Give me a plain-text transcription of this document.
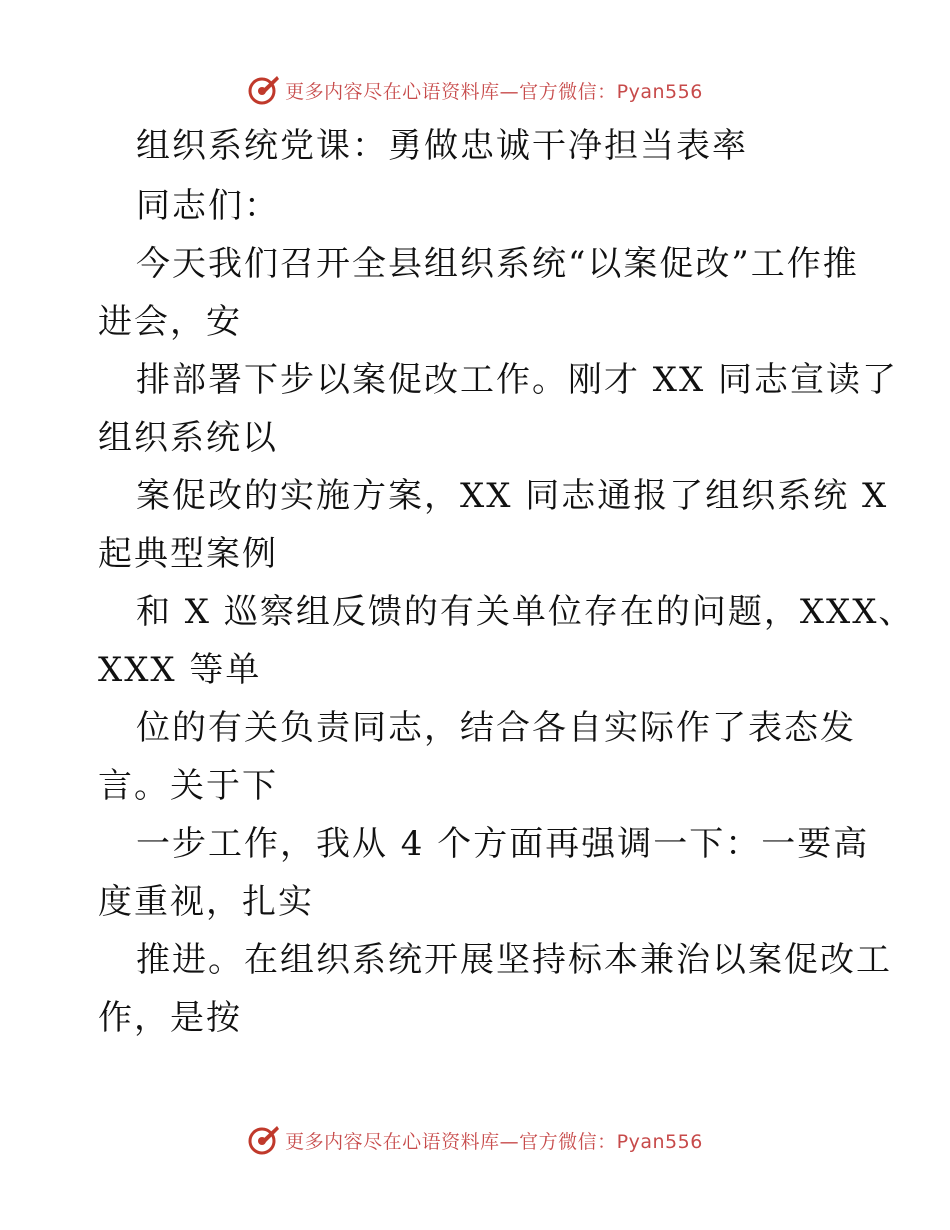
更多内容尽在心语资料库—官方微信：Pyan556
组织系统党课：勇做忠诚干净担当表率
同志们：
今天我们召开全县组织系统“以案促改”工作推
进会，安
排部署下步以案促改工作。刚才 XX 同志宣读了
组织系统以
案促改的实施方案，XX 同志通报了组织系统 X
起典型案例
和 X 巡察组反馈的有关单位存在的问题，XXX、
XXX 等单
位的有关负责同志，结合各自实际作了表态发
言。关于下
一步工作，我从 4 个方面再强调一下：一要高
度重视，扎实
推进。在组织系统开展坚持标本兼治以案促改工
作，是按
更多内容尽在心语资料库—官方微信：Pyan556
